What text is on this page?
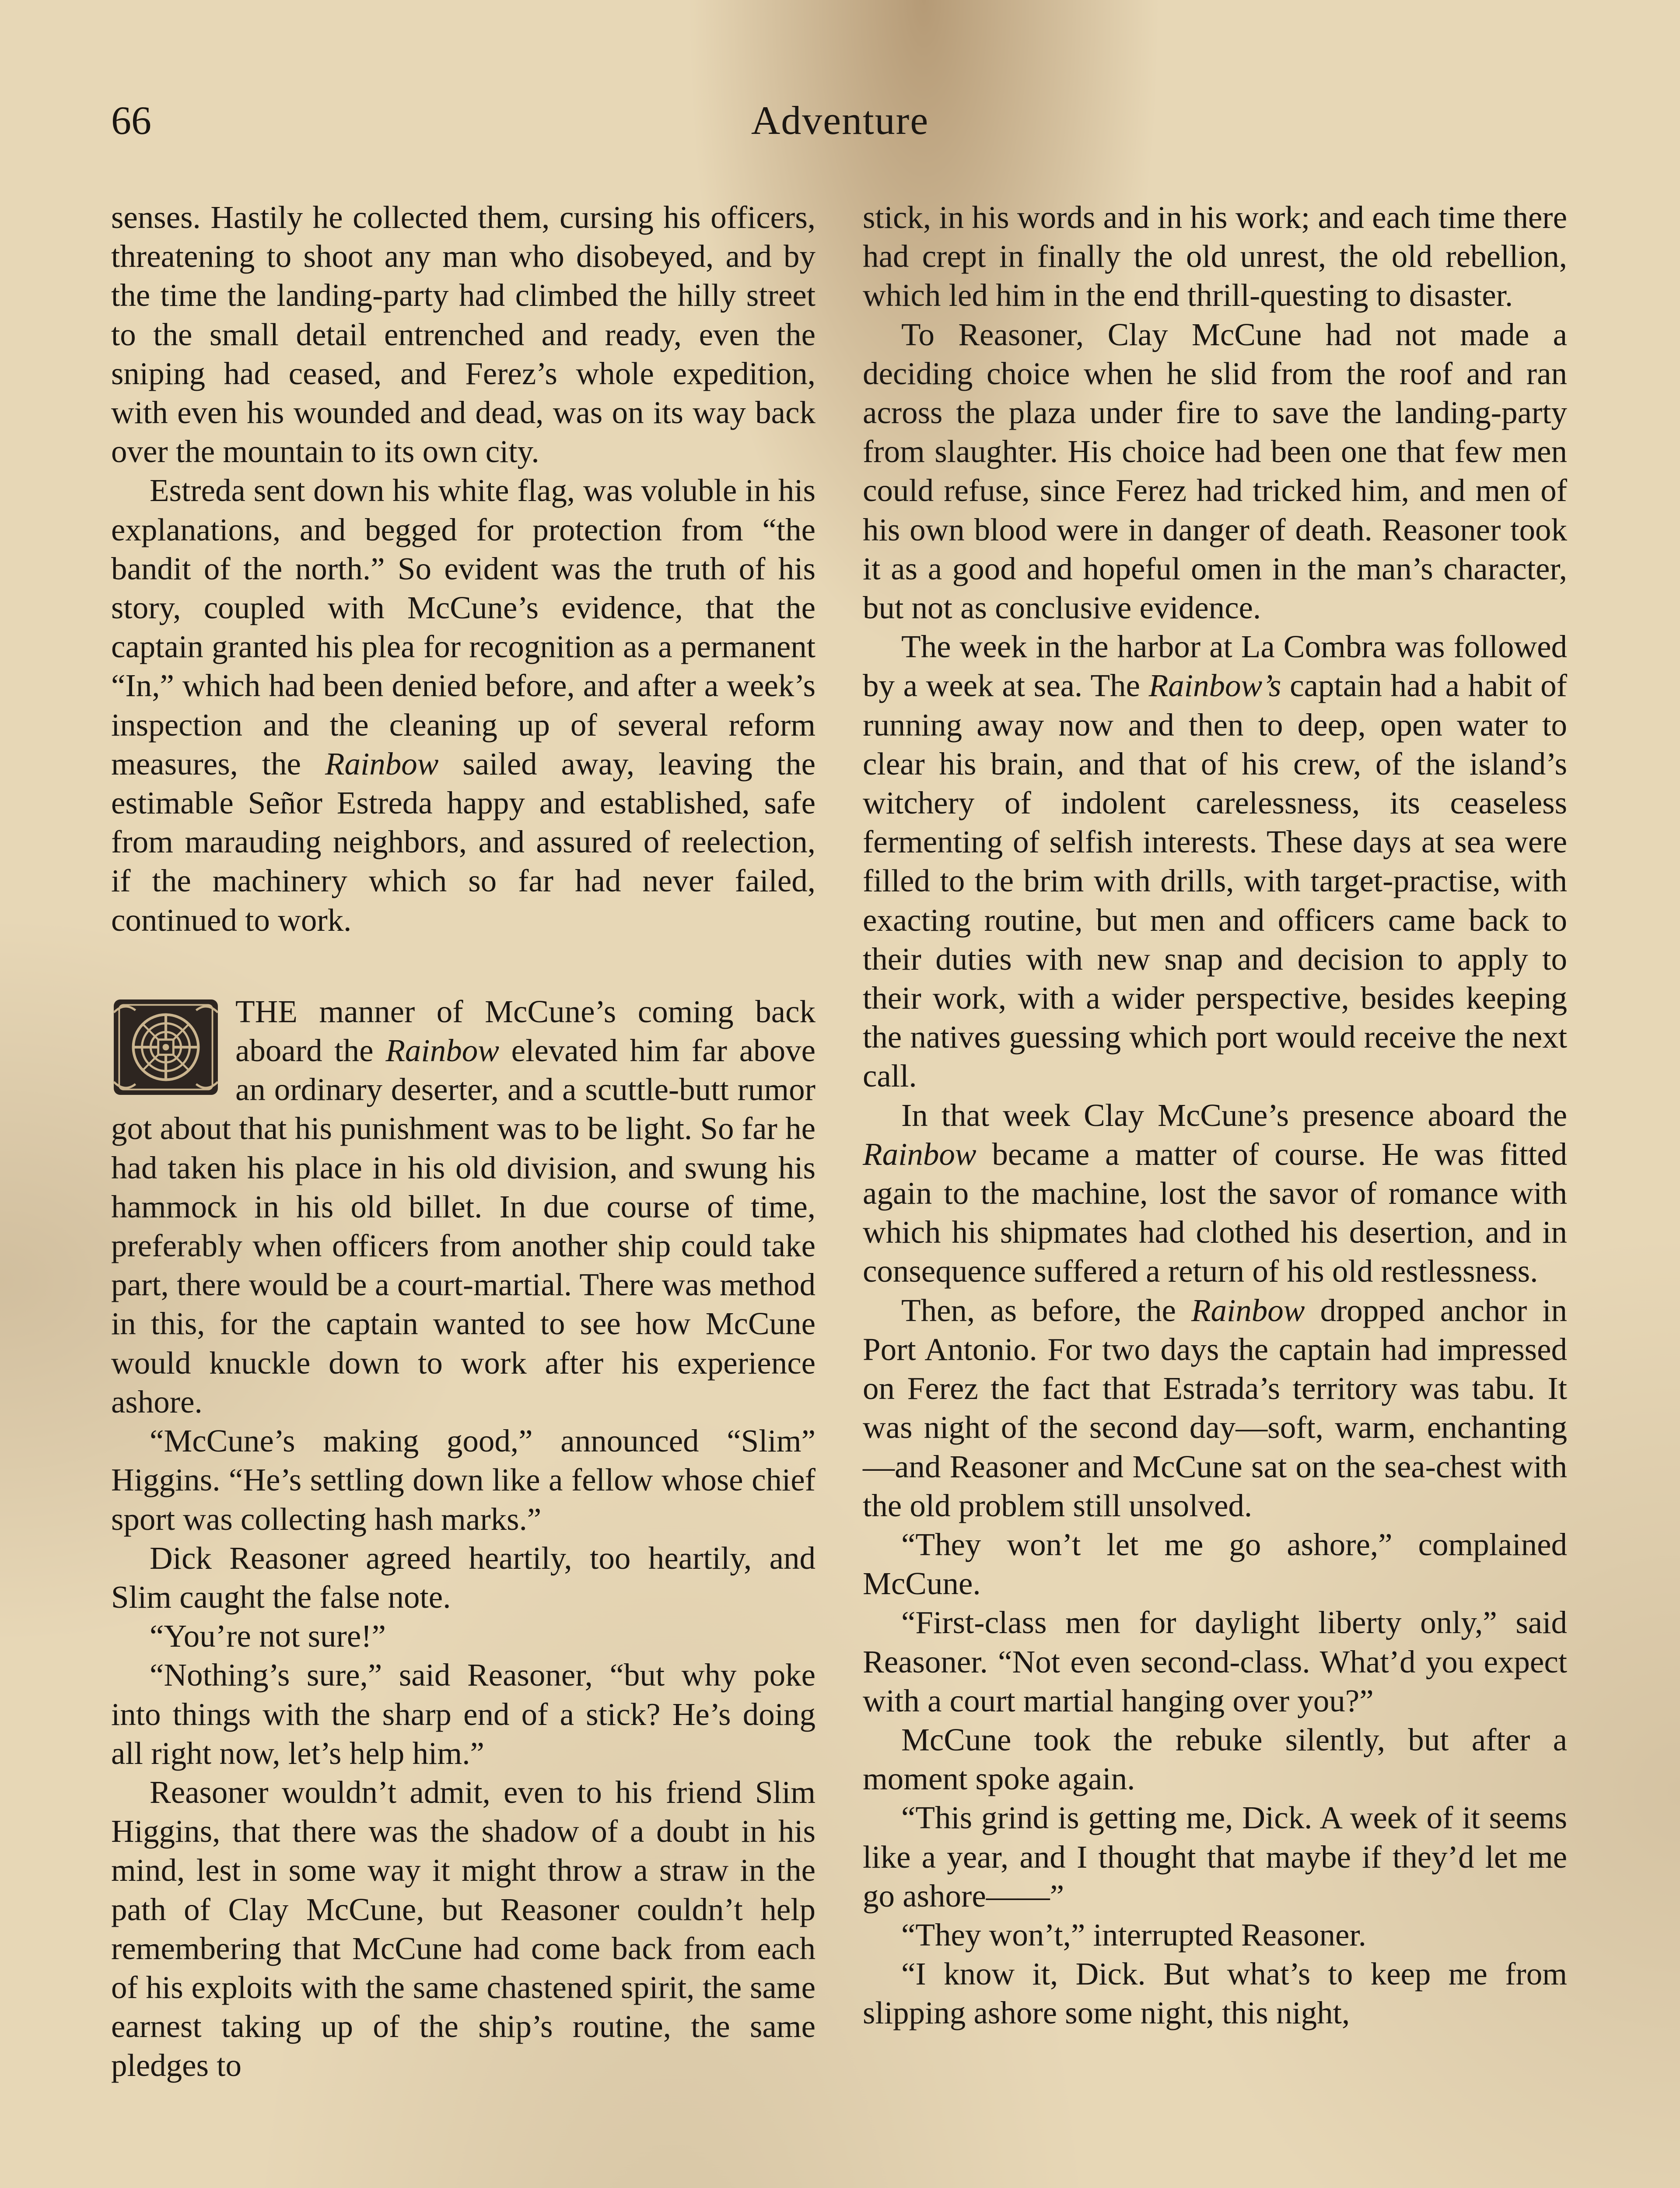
66	Adventure

senses. Hastily he collected them, cursing his officers, threatening to shoot any man who disobeyed, and by the time the landing-party had climbed the hilly street to the small detail entrenched and ready, even the sniping had ceased, and Ferez’s whole expedition, with even his wounded and dead, was on its way back over the mountain to its own city.

Estreda sent down his white flag, was voluble in his explanations, and begged for protection from “the bandit of the north.” So evident was the truth of his story, coupled with McCune’s evidence, that the captain granted his plea for recognition as a permanent “In,” which had been denied before, and after a week’s inspection and the cleaning up of several reform measures, the Rainbow sailed away, leaving the estimable Señor Estreda happy and established, safe from marauding neighbors, and assured of reelection, if the machinery which so far had never failed, continued to work.

THE manner of McCune’s coming back aboard the Rainbow elevated him far above an ordinary deserter, and a scuttle-butt rumor got about that his punishment was to be light. So far he had taken his place in his old division, and swung his hammock in his old billet. In due course of time, preferably when officers from another ship could take part, there would be a court-martial. There was method in this, for the captain wanted to see how McCune would knuckle down to work after his experience ashore.

“McCune’s making good,” announced “Slim” Higgins. “He’s settling down like a fellow whose chief sport was collecting hash marks.”

Dick Reasoner agreed heartily, too heartily, and Slim caught the false note.

“You’re not sure!”

“Nothing’s sure,” said Reasoner, “but why poke into things with the sharp end of a stick? He’s doing all right now, let’s help him.”

Reasoner wouldn’t admit, even to his friend Slim Higgins, that there was the shadow of a doubt in his mind, lest in some way it might throw a straw in the path of Clay McCune, but Reasoner couldn’t help remembering that McCune had come back from each of his exploits with the same chastened spirit, the same earnest taking up of the ship’s routine, the same pledges to

stick, in his words and in his work; and each time there had crept in finally the old unrest, the old rebellion, which led him in the end thrill-questing to disaster.

To Reasoner, Clay McCune had not made a deciding choice when he slid from the roof and ran across the plaza under fire to save the landing-party from slaughter. His choice had been one that few men could refuse, since Ferez had tricked him, and men of his own blood were in danger of death. Reasoner took it as a good and hopeful omen in the man’s character, but not as conclusive evidence.

The week in the harbor at La Combra was followed by a week at sea. The Rainbow’s captain had a habit of running away now and then to deep, open water to clear his brain, and that of his crew, of the island’s witchery of indolent carelessness, its ceaseless fermenting of selfish interests. These days at sea were filled to the brim with drills, with target-practise, with exacting routine, but men and officers came back to their duties with new snap and decision to apply to their work, with a wider perspective, besides keeping the natives guessing which port would receive the next call.

In that week Clay McCune’s presence aboard the Rainbow became a matter of course. He was fitted again to the machine, lost the savor of romance with which his shipmates had clothed his desertion, and in consequence suffered a return of his old restlessness.

Then, as before, the Rainbow dropped anchor in Port Antonio. For two days the captain had impressed on Ferez the fact that Estrada’s territory was tabu. It was night of the second day—soft, warm, enchanting—and Reasoner and McCune sat on the sea-chest with the old problem still unsolved.

“They won’t let me go ashore,” complained McCune.

“First-class men for daylight liberty only,” said Reasoner. “Not even second-class. What’d you expect with a court martial hanging over you?”

McCune took the rebuke silently, but after a moment spoke again.

“This grind is getting me, Dick. A week of it seems like a year, and I thought that maybe if they’d let me go ashore——”

“They won’t,” interrupted Reasoner.

“I know it, Dick. But what’s to keep me from slipping ashore some night, this night,
